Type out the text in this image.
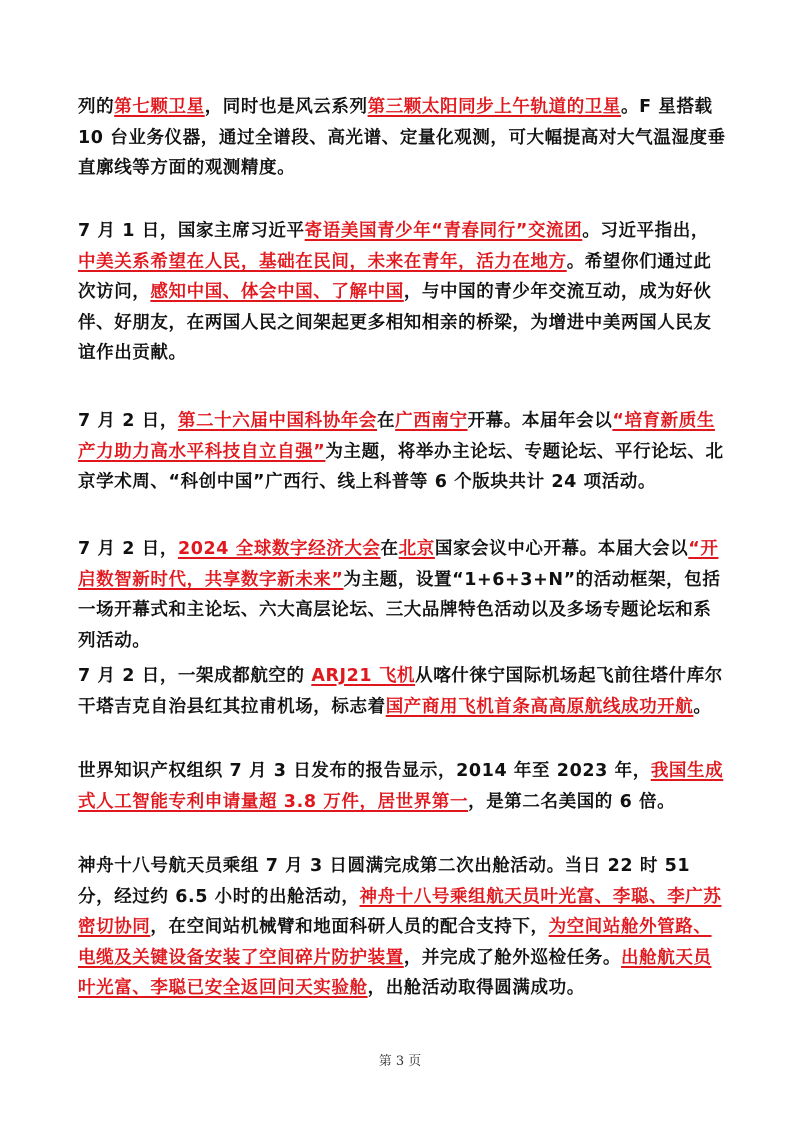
列的第七颗卫星，同时也是风云系列第三颗太阳同步上午轨道的卫星。F 星搭载 10 台业务仪器，通过全谱段、高光谱、定量化观测，可大幅提高对大气温湿度垂直廓线等方面的观测精度。

7 月 1 日，国家主席习近平寄语美国青少年“青春同行”交流团。习近平指出，中美关系希望在人民，基础在民间，未来在青年，活力在地方。希望你们通过此次访问，感知中国、体会中国、了解中国，与中国的青少年交流互动，成为好伙伴、好朋友，在两国人民之间架起更多相知相亲的桥梁，为增进中美两国人民友谊作出贡献。

7 月 2 日，第二十六届中国科协年会在广西南宁开幕。本届年会以“培育新质生产力助力高水平科技自立自强”为主题，将举办主论坛、专题论坛、平行论坛、北京学术周、“科创中国”广西行、线上科普等 6 个版块共计 24 项活动。

7 月 2 日，2024 全球数字经济大会在北京国家会议中心开幕。本届大会以“开启数智新时代，共享数字新未来”为主题，设置“1+6+3+N”的活动框架，包括一场开幕式和主论坛、六大高层论坛、三大品牌特色活动以及多场专题论坛和系列活动。

7 月 2 日，一架成都航空的 ARJ21 飞机从喀什徕宁国际机场起飞前往塔什库尔干塔吉克自治县红其拉甫机场，标志着国产商用飞机首条高高原航线成功开航。

世界知识产权组织 7 月 3 日发布的报告显示，2014 年至 2023 年，我国生成式人工智能专利申请量超 3.8 万件，居世界第一，是第二名美国的 6 倍。

神舟十八号航天员乘组 7 月 3 日圆满完成第二次出舱活动。当日 22 时 51 分，经过约 6.5 小时的出舱活动，神舟十八号乘组航天员叶光富、李聪、李广苏密切协同，在空间站机械臂和地面科研人员的配合支持下，为空间站舱外管路、电缆及关键设备安装了空间碎片防护装置，并完成了舱外巡检任务。出舱航天员叶光富、李聪已安全返回问天实验舱，出舱活动取得圆满成功。

第 3 页
